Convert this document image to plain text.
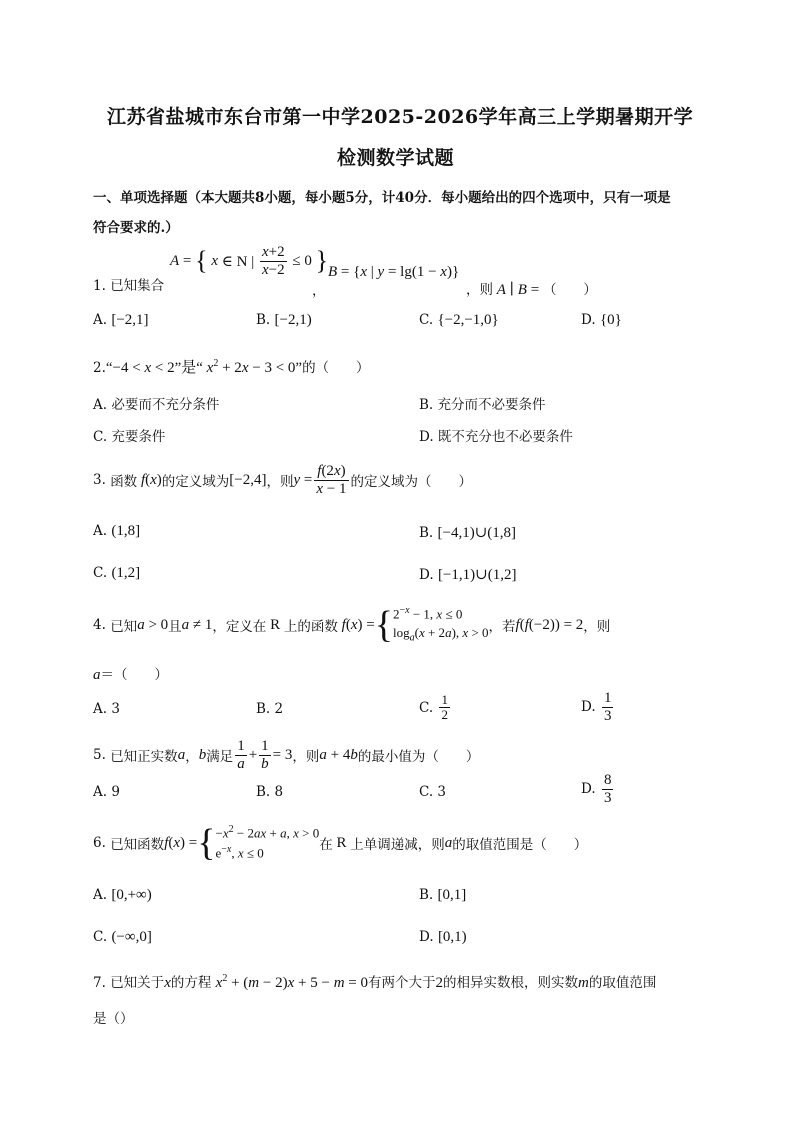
江苏省盐城市东台市第一中学2025-2026学年高三上学期暑期开学
检测数学试题
一、单项选择题（本大题共8小题，每小题5分，计40分．每小题给出的四个选项中，只有一项是
符合要求的.）
1.
已知集合
A = {
x ∈ N | $\frac{x+2}{x-2} \le 0$ }
，
B = {x | y = lg(1 − x)}
，则 A ∣ B = （　　）
A. [−2,1]	B. [−2,1)	C. {−2,−1,0}	D. {0}
2.“−4 < x < 2”是“ $x^2 + 2x - 3 < 0$”的（　　）
A. 必要而不充分条件	B. 充分而不必要条件
C. 充要条件	D. 既不充分也不必要条件
3.
函数 f(x) 的定义域为 [−2,4] ，则 $y = \frac{f(2x)}{x - 1}$ 的定义域为（　　）
A. (1,8]	B. [−4,1)∪(1,8]
C. (1,2]	D. [−1,1)∪(1,2]
4.
已知 a > 0 且 a ≠ 1 ，定义在 R 上的函数 f(x) = { $2^{-x} - 1$, x ≤ 0
$\log_a(x + 2a)$, x > 0 ，若 f(f(−2)) = 2 ，则
a＝（　　）
A. 3	B. 2	C.
$\frac{1}{2}$	D.
$\frac{1}{3}$
5.
已知正实数 a ， b 满足 $\frac{1}{a} + \frac{1}{b} = 3$ ，则 a + 4b 的最小值为（　　）
A. 9	B. 8	C. 3	D.
$\frac{8}{3}$
6.
已知函数 f(x) = { $-x^2 - 2ax + a$, x > 0
$e^{-x}$, x ≤ 0	在 R 上单调递减，则 a 的取值范围是（　　）
A. [0,+∞)	B. [0,1]
C. (−∞,0]	D. [0,1)
7. 已知关于x的方程 $x^2 + (m - 2)x + 5 - m = 0$有两个大于2的相异实数根，则实数m的取值范围
是（）
